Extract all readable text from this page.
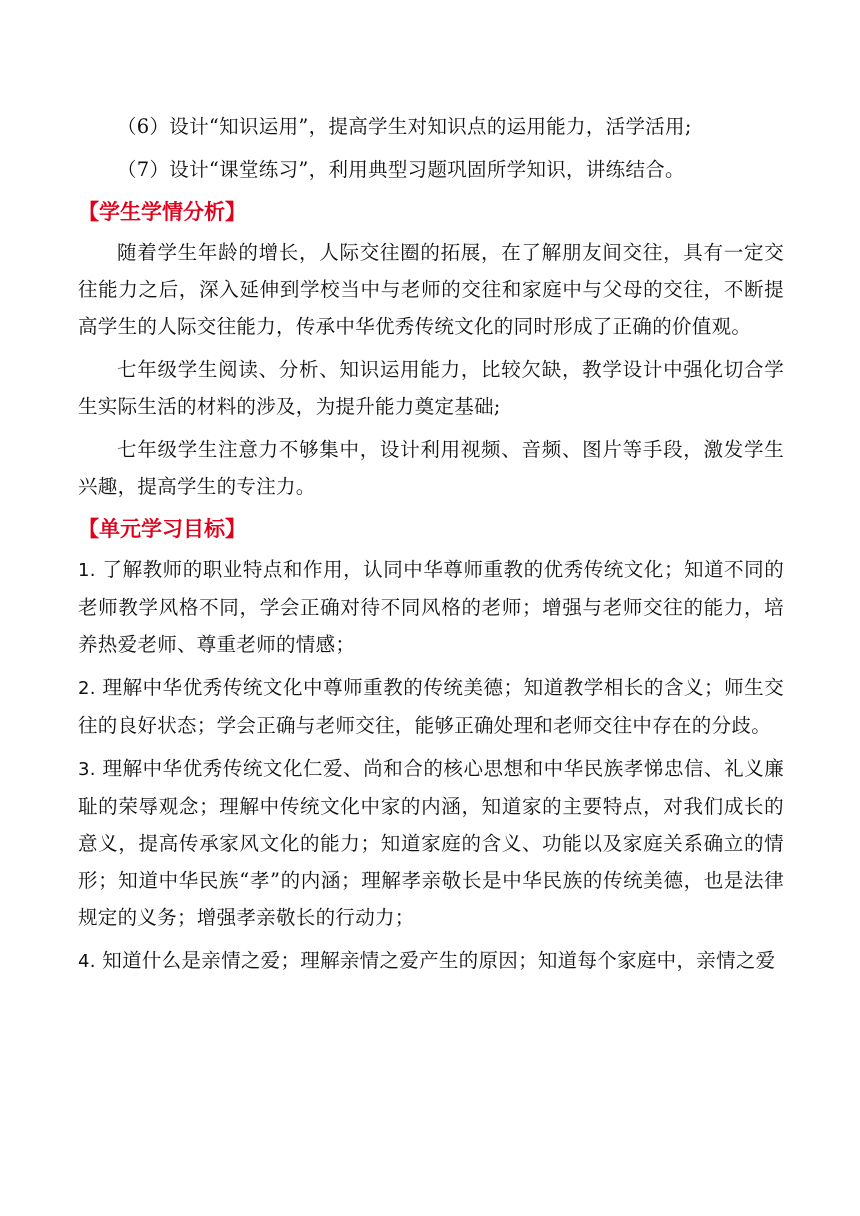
（6）设计“知识运用”，提高学生对知识点的运用能力，活学活用;

（7）设计“课堂练习”，利用典型习题巩固所学知识，讲练结合。

【学生学情分析】

随着学生年龄的增长，人际交往圈的拓展，在了解朋友间交往，具有一定交往能力之后，深入延伸到学校当中与老师的交往和家庭中与父母的交往，不断提高学生的人际交往能力，传承中华优秀传统文化的同时形成了正确的价值观。

七年级学生阅读、分析、知识运用能力，比较欠缺，教学设计中强化切合学生实际生活的材料的涉及，为提升能力奠定基础;

七年级学生注意力不够集中，设计利用视频、音频、图片等手段，激发学生兴趣，提高学生的专注力。

【单元学习目标】

1. 了解教师的职业特点和作用，认同中华尊师重教的优秀传统文化；知道不同的老师教学风格不同，学会正确对待不同风格的老师；增强与老师交往的能力，培养热爱老师、尊重老师的情感；

2. 理解中华优秀传统文化中尊师重教的传统美德；知道教学相长的含义；师生交往的良好状态；学会正确与老师交往，能够正确处理和老师交往中存在的分歧。

3. 理解中华优秀传统文化仁爱、尚和合的核心思想和中华民族孝悌忠信、礼义廉耻的荣辱观念；理解中传统文化中家的内涵，知道家的主要特点，对我们成长的意义，提高传承家风文化的能力；知道家庭的含义、功能以及家庭关系确立的情形；知道中华民族“孝”的内涵；理解孝亲敬长是中华民族的传统美德，也是法律规定的义务；增强孝亲敬长的行动力；

4. 知道什么是亲情之爱；理解亲情之爱产生的原因；知道每个家庭中，亲情之爱
